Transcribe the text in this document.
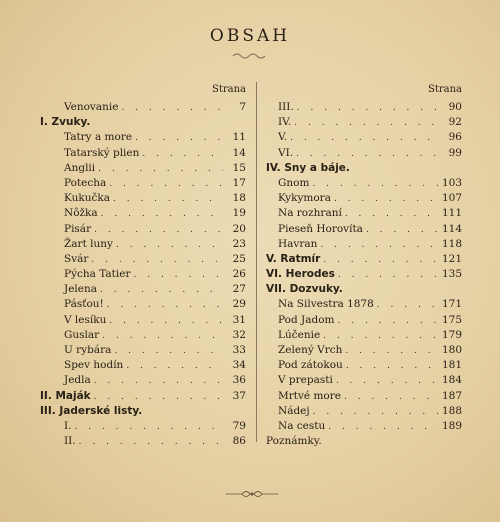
OBSAH
Strana
Venovanie . . .	7
I. Zvuky.
Tatry a more . . .	11
Tatarský plien . . .	14
Anglii . . .	15
Potecha . . .	17
Kukučka . . .	18
Nôžka . . .	19
Pisár . . .	20
Žart luny . . .	23
Svár . . .	25
Pýcha Tatier . . .	26
Jelena . . .	27
Pásťou! . . .	29
V lesíku . . .	31
Guslar . . .	32
U rybára . . .	33
Spev hodín . . .	34
Jedla . . .	36
II. Maják . . .	37
III. Jaderské listy.
I. . . .	79
II. . . .	86
Strana
III. . . .	90
IV. . . .	92
V. . . .	96
VI. . . .	99
IV. Sny a báje.
Gnom . . .	103
Kykymora . . .	107
Na rozhraní . . .	111
Pieseň Horovíta . . .	114
Havran . . .	118
V. Ratmír . . .	121
VI. Herodes . . .	135
VII. Dozvuky.
Na Silvestra 1878 . . .	171
Pod Jadom . . .	175
Lúčenie . . .	179
Zelený Vrch . . .	180
Pod zátokou . . .	181
V prepasti . . .	184
Mrtvé more . . .	187
Nádej . . .	188
Na cestu . . .	189
Poznámky.
